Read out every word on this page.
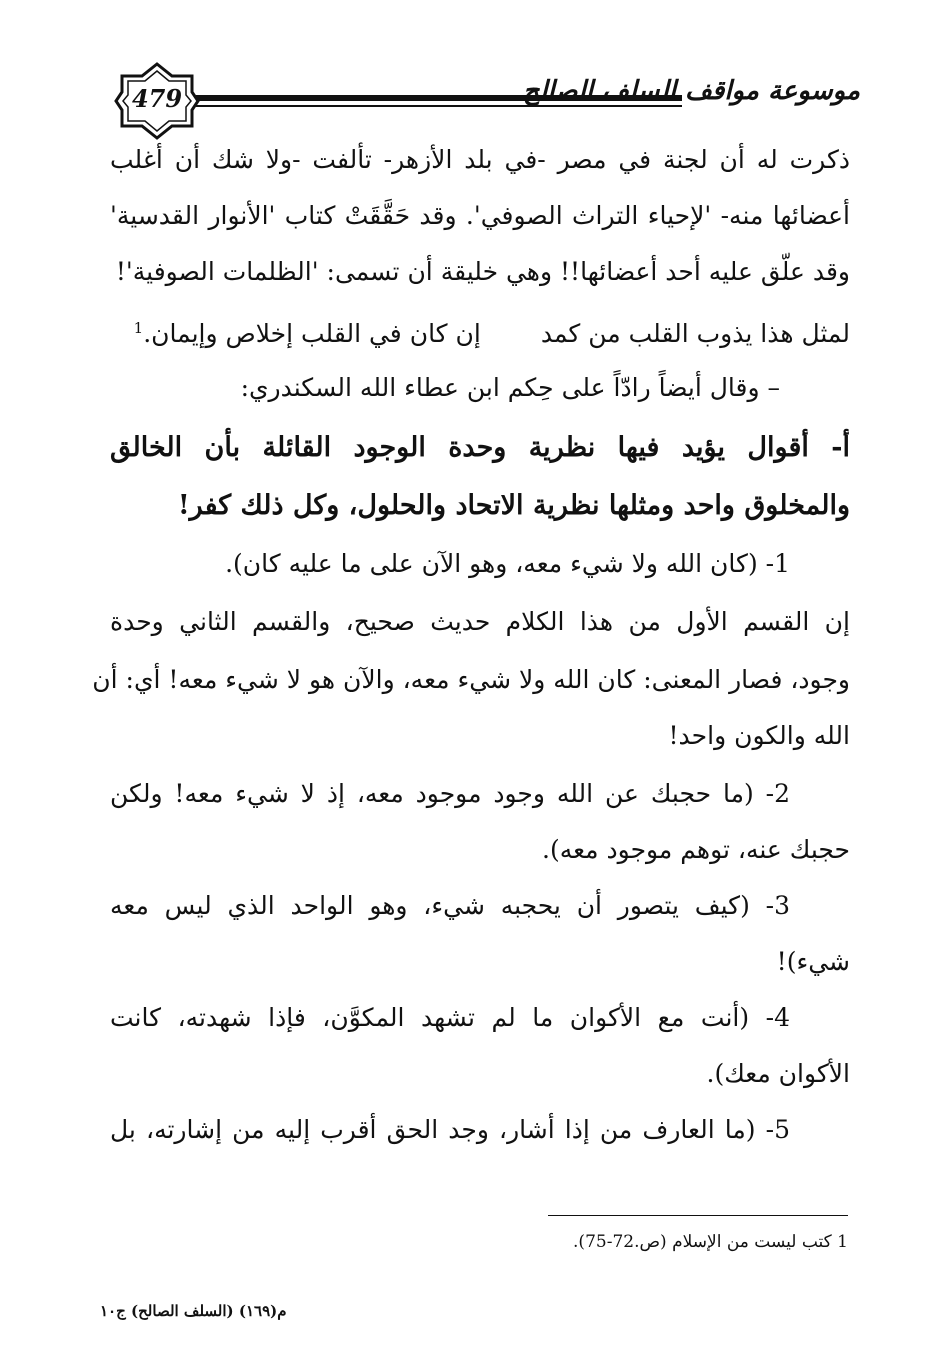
479	موسوعة مواقف السلف الصالح
ذكرت له أن لجنة في مصر -في بلد الأزهر- تألفت -ولا شك أن أغلب
أعضائها منه- 'لإحياء التراث الصوفي'. وقد حَقَّقَتْ كتاب 'الأنوار القدسية'
وقد علّق عليه أحد أعضائها!! وهي خليقة أن تسمى: 'الظلمات الصوفية'!
لمثل هذا يذوب القلب من كمدإن كان في القلب إخلاص وإيمان.$^1$
– وقال أيضاً رادّاً على حِكم ابن عطاء الله السكندري:
أ- أقوال يؤيد فيها نظرية وحدة الوجود القائلة بأن الخالق
والمخلوق واحد ومثلها نظرية الاتحاد والحلول، وكل ذلك كفر!
1- (كان الله ولا شيء معه، وهو الآن على ما عليه كان).
إن القسم الأول من هذا الكلام حديث صحيح، والقسم الثاني وحدة
وجود، فصار المعنى: كان الله ولا شيء معه، والآن هو لا شيء معه! أي: أن
الله والكون واحد!
2- (ما حجبك عن الله وجود موجود معه، إذ لا شيء معه! ولكن
حجبك عنه، توهم موجود معه).
3- (كيف يتصور أن يحجبه شيء، وهو الواحد الذي ليس معه
شيء)!
4- (أنت مع الأكوان ما لم تشهد المكوَّن، فإذا شهدته، كانت
الأكوان معك).
5- (ما العارف من إذا أشار، وجد الحق أقرب إليه من إشارته، بل
1 كتب ليست من الإسلام (ص.72-75).
م(١٦٩) (السلف الصالح) ج١٠
